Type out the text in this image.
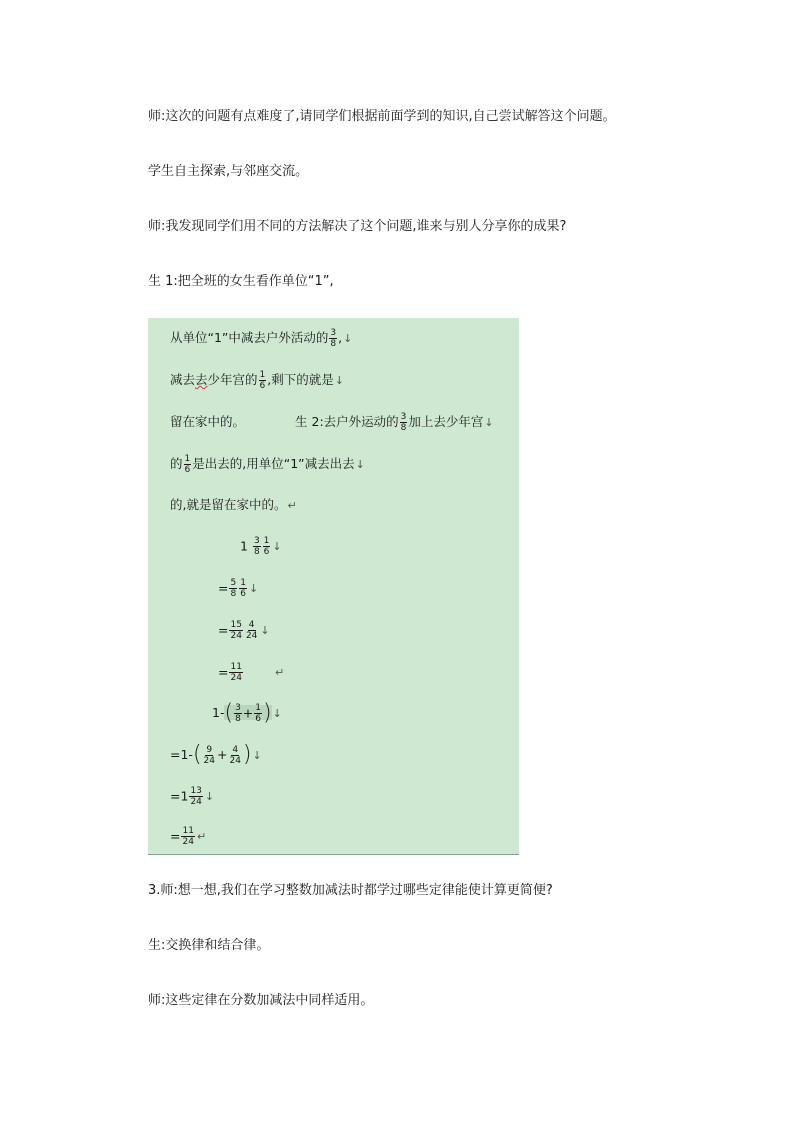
师:这次的问题有点难度了,请同学们根据前面学到的知识,自己尝试解答这个问题。
学生自主探索,与邻座交流。
师:我发现同学们用不同的方法解决了这个问题,谁来与别人分享你的成果?
生 1:把全班的女生看作单位“1”,
从单位“1”中减去户外活动的 $\frac{3}{8}$ ,↓
减去去少年宫的 $\frac{1}{6}$ ,剩下的就是↓
留在家中的。	生 2:去户外运动的 $\frac{3}{8}$ 加上去少年宫↓
的 $\frac{1}{6}$ 是出去的,用单位“1”减去出去↓
的,就是留在家中的。↵
$1 \frac{3}{8} \frac{1}{6}$ ↓
= $\frac{5}{8} \frac{1}{6}$ ↓
= $\frac{15}{24} \frac{4}{24}$ ↓
= $\frac{11}{24}$	↵
$1-( \frac{3}{8} + \frac{1}{6}$ )↓
$=1-( \frac{9}{24} + \frac{4}{24}$ )↓
$=1 \frac{13}{24}$ ↓
= $\frac{11}{24}$ ↵
3.师:想一想,我们在学习整数加减法时都学过哪些定律能使计算更简便?
生:交换律和结合律。
师:这些定律在分数加减法中同样适用。
